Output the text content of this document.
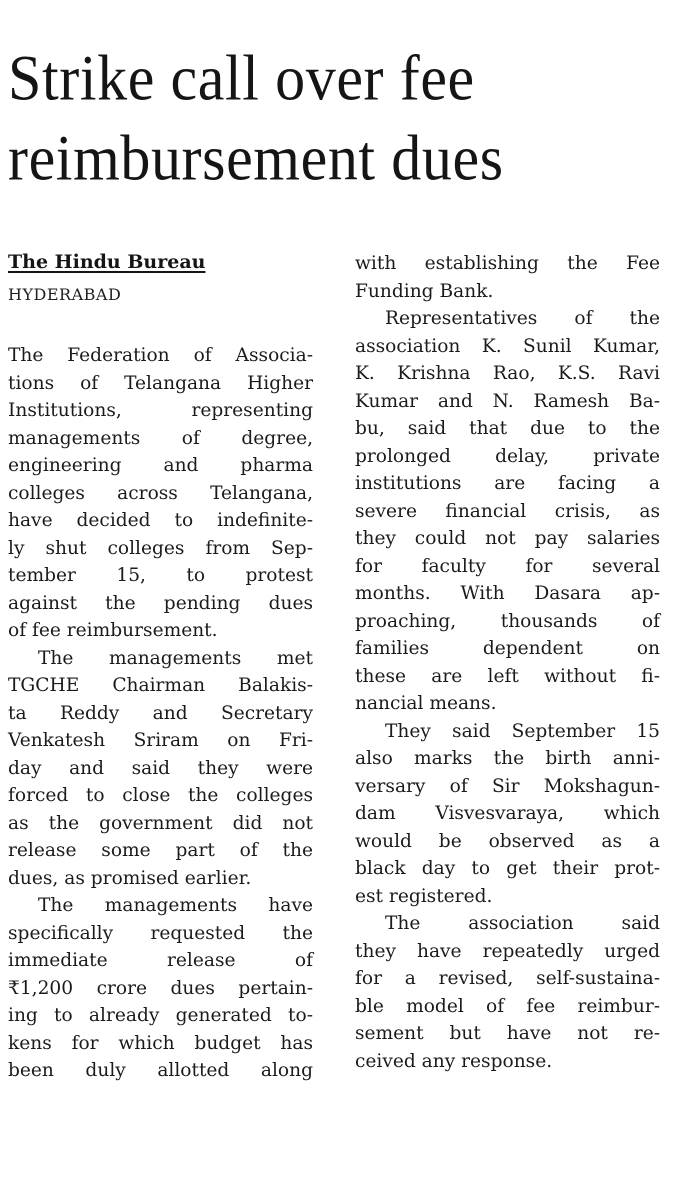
Strike call over fee
reimbursement dues
The Hindu Bureau
HYDERABAD
The Federation of Associa-
tions of Telangana Higher
Institutions, representing
managements of degree,
engineering and pharma
colleges across Telangana,
have decided to indefinite-
ly shut colleges from Sep-
tember 15, to protest
against the pending dues
of fee reimbursement.
The managements met
TGCHE Chairman Balakis-
ta Reddy and Secretary
Venkatesh Sriram on Fri-
day and said they were
forced to close the colleges
as the government did not
release some part of the
dues, as promised earlier.
The managements have
specifically requested the
immediate release of
₹1,200 crore dues pertain-
ing to already generated to-
kens for which budget has
been duly allotted along
with establishing the Fee
Funding Bank.
Representatives of the
association K. Sunil Kumar,
K. Krishna Rao, K.S. Ravi
Kumar and N. Ramesh Ba-
bu, said that due to the
prolonged delay, private
institutions are facing a
severe financial crisis, as
they could not pay salaries
for faculty for several
months. With Dasara ap-
proaching, thousands of
families dependent on
these are left without fi-
nancial means.
They said September 15
also marks the birth anni-
versary of Sir Mokshagun-
dam Visvesvaraya, which
would be observed as a
black day to get their prot-
est registered.
The association said
they have repeatedly urged
for a revised, self-sustaina-
ble model of fee reimbur-
sement but have not re-
ceived any response.
